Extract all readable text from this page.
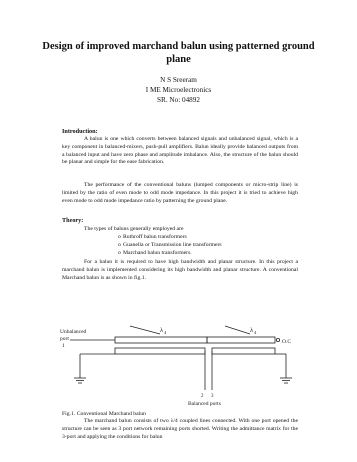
Design of improved marchand balun using patterned ground plane
N S Sreeram
I ME Microelectronics
SR. No: 04892
Introduction:
A balun is one which converts between balanced signals and unbalanced signal, which is a key component in balanced-mixers, push-pull amplifiers. Balun ideally provide balanced outputs from a balanced input and have zero phase and amplitude imbalance. Also, the structure of the balun should be planar and simple for the ease fabrication.
The performance of the conventional baluns (lumped components or micro-strip line) is limited by the ratio of even mode to odd mode impedance. In this project it is tried to achieve high even mode to odd mode impedance ratio by patterning the ground plane.
Theory:
The types of baluns generally employed are
o Ruthroff balun transformers
o Guanella or Transmission line transformers
o Marchand balun transformers.
For a balun it is required to have high bandwidth and planar structure. In this project a marchand balun is implemented considering its high bandwidth and planar structure. A conventional Marchand balun is as shown in fig.1.
Unbalanced
port
1
$\lambda_4$	$\lambda_4$
O.C
2 3
Balanced ports
Fig.1. Conventional Marchand balun
The marchand balun consists of two λ/4 coupled lines connected. With one port opened the structure can be seen as 3 port network remaining ports shorted. Writing the admittance matrix for the 3-port and applying the conditions for balun
